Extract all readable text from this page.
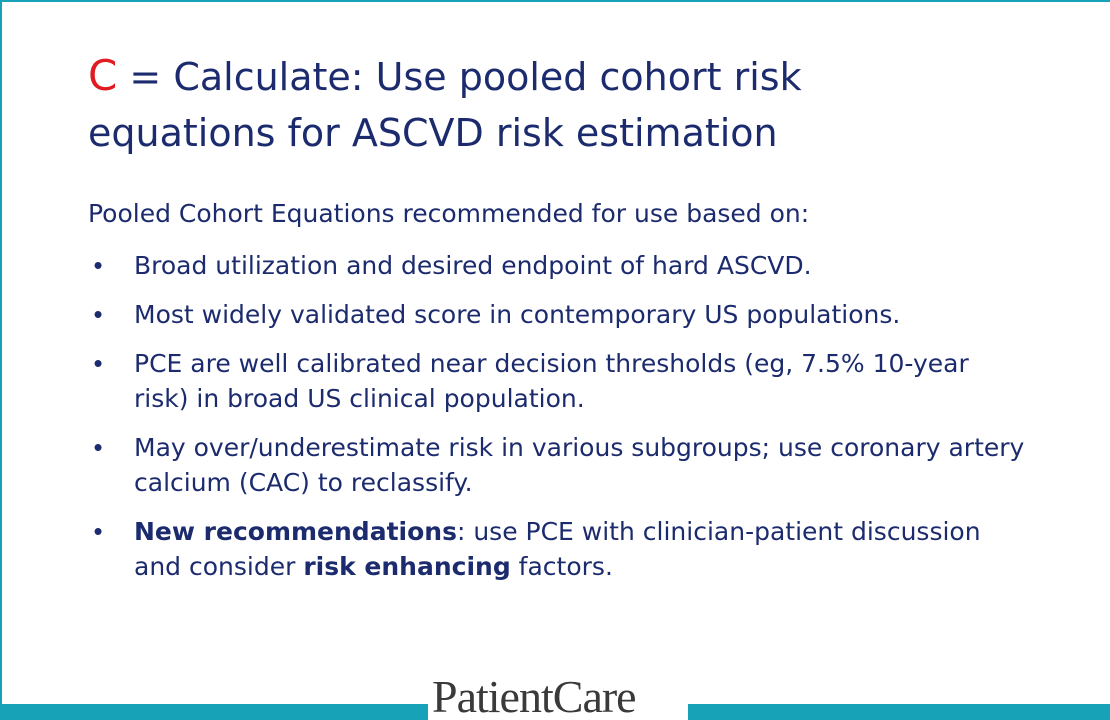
C = Calculate: Use pooled cohort risk
equations for ASCVD risk estimation
Pooled Cohort Equations recommended for use based on:
• Broad utilization and desired endpoint of hard ASCVD.
• Most widely validated score in contemporary US populations.
• PCE are well calibrated near decision thresholds (eg, 7.5% 10-year risk) in broad US clinical population.
• May over/underestimate risk in various subgroups; use coronary artery calcium (CAC) to reclassify.
• New recommendations: use PCE with clinician-patient discussion and consider risk enhancing factors.
PatientCare
